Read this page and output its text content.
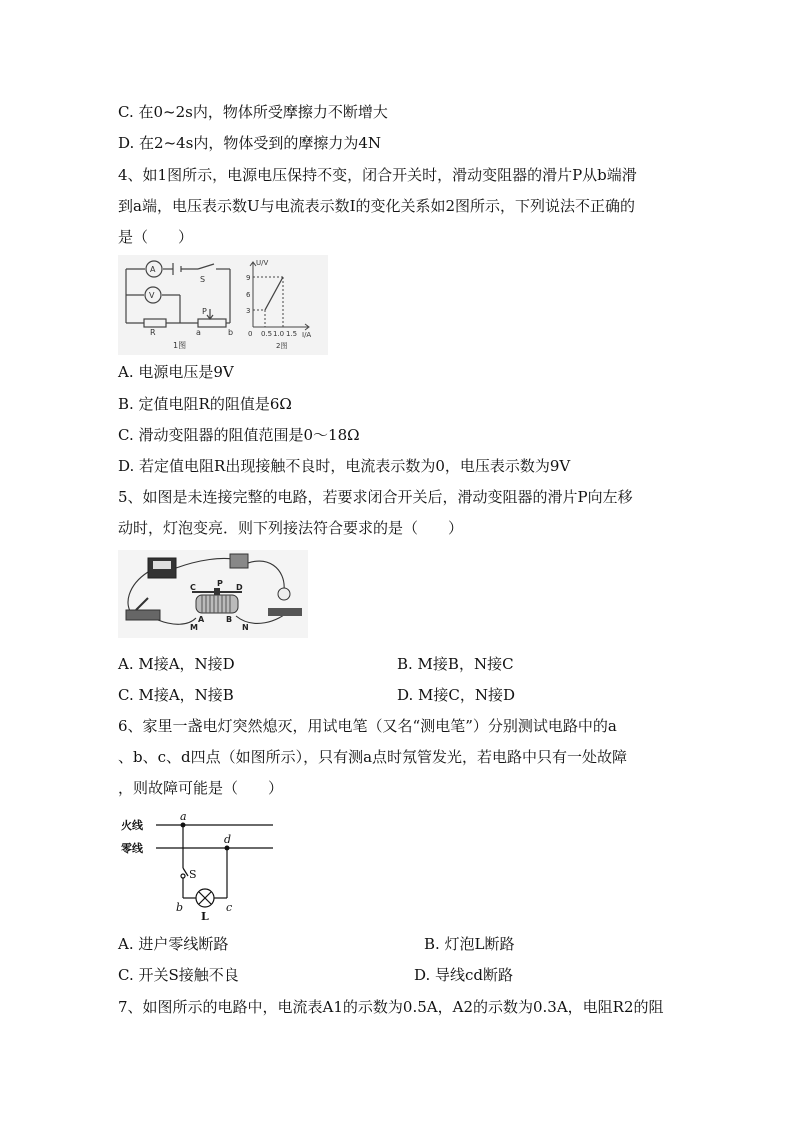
C. 在0~2s内，物体所受摩擦力不断增大
D. 在2~4s内，物体受到的摩擦力为4N
4、如1图所示，电源电压保持不变，闭合开关时，滑动变阻器的滑片P从b端滑
到a端，电压表示数U与电流表示数I的变化关系如2图所示，下列说法不正确的
是（　　）
A
V
S
R
P
a	b
1图
U/V
I/A
9
6
3
0 0.5 1.0 1.5
2图
A. 电源电压是9V
B. 定值电阻R的阻值是6Ω
C. 滑动变阻器的阻值范围是0～18Ω
D. 若定值电阻R出现接触不良时，电流表示数为0，电压表示数为9V
5、如图是未连接完整的电路，若要求闭合开关后，滑动变阻器的滑片P向左移
动时，灯泡变亮．则下列接法符合要求的是（　　）
C	P D
A	B
M	N
A. M接A，N接D	B. M接B，N接C
C. M接A，N接B	D. M接C，N接D
6、家里一盏电灯突然熄灭，用试电笔（又名“测电笔”）分别测试电路中的a
、b、c、d四点（如图所示），只有测a点时氖管发光，若电路中只有一处故障
，则故障可能是（　　）
火线
零线
a
d
S
b	c
L
A. 进户零线断路	B. 灯泡L断路
C. 开关S接触不良	D. 导线cd断路
7、如图所示的电路中，电流表A1的示数为0.5A，A2的示数为0.3A，电阻R2的阻
